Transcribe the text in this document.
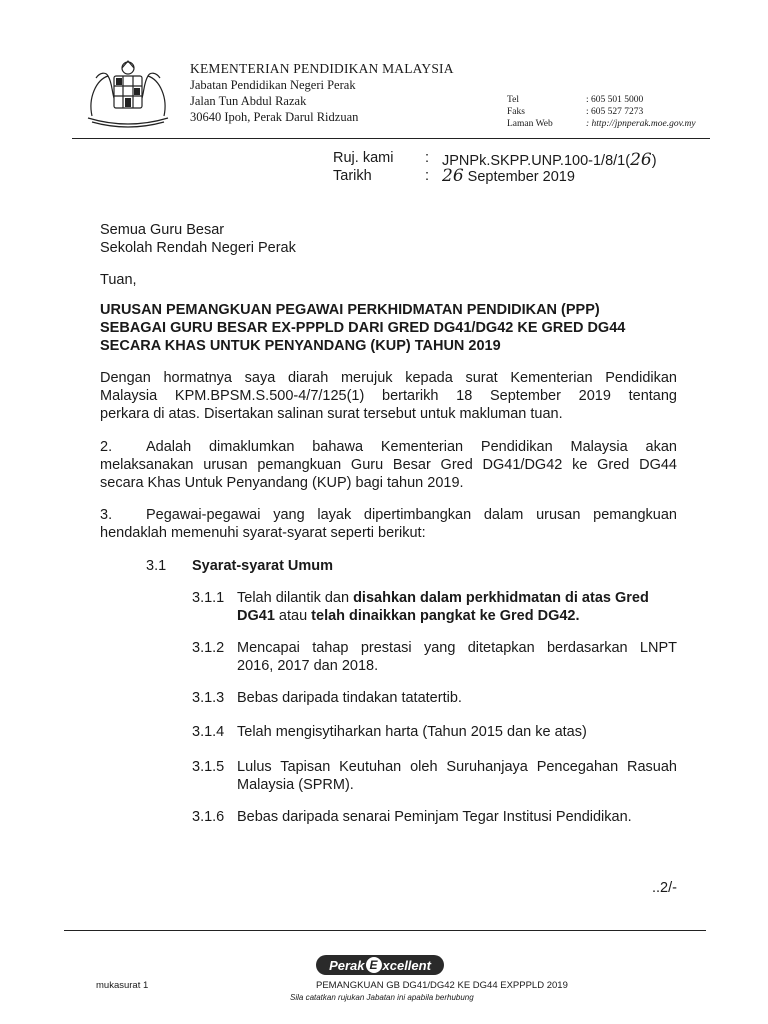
KEMENTERIAN PENDIDIKAN MALAYSIA
Jabatan Pendidikan Negeri Perak
Jalan Tun Abdul Razak
30640 Ipoh, Perak Darul Ridzuan
Tel	: 605 501 5000
Faks	: 605 527 7273
Laman Web	: http://jpnperak.moe.gov.my
Ruj. kami : JPNPk.SKPP.UNP.100-1/8/1(26)
Tarikh	: 26 September 2019
Semua Guru Besar
Sekolah Rendah Negeri Perak
Tuan,
URUSAN PEMANGKUAN PEGAWAI PERKHIDMATAN PENDIDIKAN (PPP)
SEBAGAI GURU BESAR EX-PPPLD DARI GRED DG41/DG42 KE GRED DG44
SECARA KHAS UNTUK PENYANDANG (KUP) TAHUN 2019
Dengan hormatnya saya diarah merujuk kepada surat Kementerian Pendidikan
Malaysia KPM.BPSM.S.500-4/7/125(1) bertarikh 18 September 2019 tentang
perkara di atas. Disertakan salinan surat tersebut untuk makluman tuan.
2. Adalah dimaklumkan bahawa Kementerian Pendidikan Malaysia akan
melaksanakan urusan pemangkuan Guru Besar Gred DG41/DG42 ke Gred DG44
secara Khas Untuk Penyandang (KUP) bagi tahun 2019.
3. Pegawai-pegawai yang layak dipertimbangkan dalam urusan pemangkuan
hendaklah memenuhi syarat-syarat seperti berikut:
3.1 Syarat-syarat Umum
3.1.1 Telah dilantik dan disahkan dalam perkhidmatan di atas Gred
DG41 atau telah dinaikkan pangkat ke Gred DG42.
3.1.2 Mencapai tahap prestasi yang ditetapkan berdasarkan LNPT
2016, 2017 dan 2018.
3.1.3 Bebas daripada tindakan tatatertib.
3.1.4 Telah mengisytiharkan harta (Tahun 2015 dan ke atas)
3.1.5 Lulus Tapisan Keutuhan oleh Suruhanjaya Pencegahan Rasuah
Malaysia (SPRM).
3.1.6 Bebas daripada senarai Peminjam Tegar Institusi Pendidikan.
..2/-
Perak E xcellent
mukasurat 1	PEMANGKUAN GB DG41/DG42 KE DG44 EXPPPLD 2019
Sila catatkan rujukan Jabatan ini apabila berhubung
